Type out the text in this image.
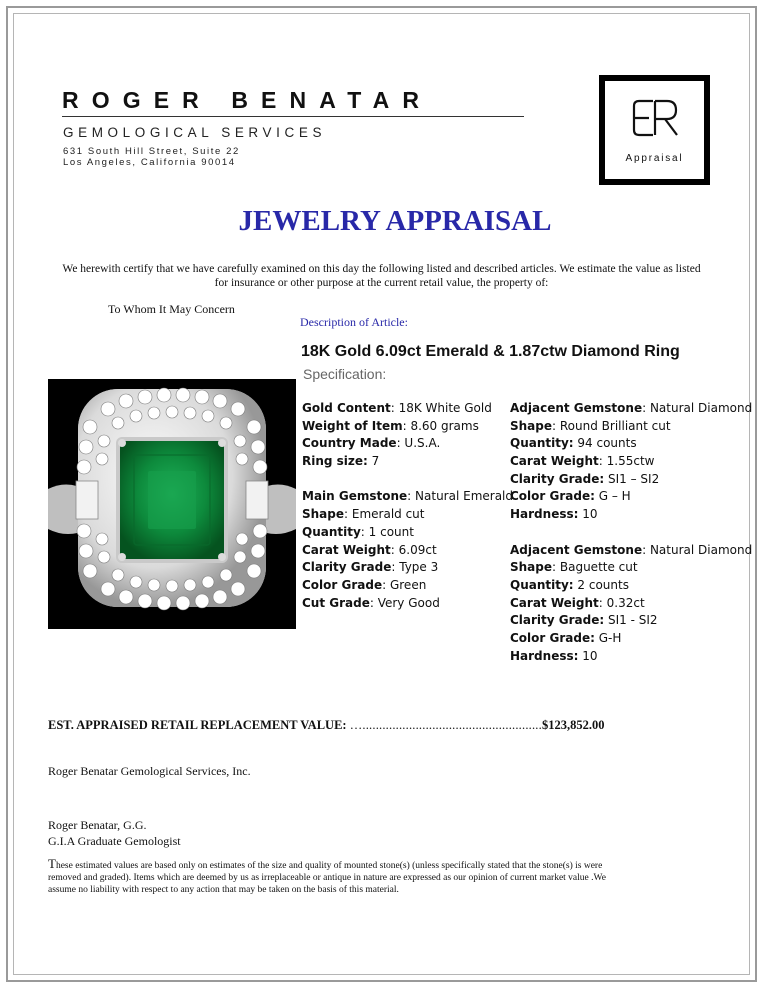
ROGER BENATAR
GEMOLOGICAL SERVICES
631 South Hill Street, Suite 22
Los Angeles, California 90014	Appraisal
JEWELRY APPRAISAL
We herewith certify that we have carefully examined on this day the following listed and described articles. We estimate the value as listed for insurance or other purpose at the current retail value, the property of:
To Whom It May Concern
Description of Article:
18K Gold 6.09ct Emerald & 1.87ctw Diamond Ring
Specification:
Gold Content: 18K White Gold
Weight of Item: 8.60 grams
Country Made: U.S.A.
Ring size: 7
Main Gemstone: Natural Emerald
Shape: Emerald cut
Quantity: 1 count
Carat Weight: 6.09ct
Clarity Grade: Type 3
Color Grade: Green
Cut Grade: Very Good
Adjacent Gemstone: Natural Diamond
Shape: Round Brilliant cut
Quantity: 94 counts
Carat Weight: 1.55ctw
Clarity Grade: SI1 – SI2
Color Grade: G – H
Hardness: 10
Adjacent Gemstone: Natural Diamond
Shape: Baguette cut
Quantity: 2 counts
Carat Weight: 0.32ct
Clarity Grade: SI1 - SI2
Color Grade: G-H
Hardness: 10
EST. APPRAISED RETAIL REPLACEMENT VALUE: …......................................................$123,852.00
Roger Benatar Gemological Services, Inc.
Roger Benatar, G.G.
G.I.A Graduate Gemologist
These estimated values are based only on estimates of the size and quality of mounted stone(s) (unless specifically stated that the stone(s) is were removed and graded). Items which are deemed by us as irreplaceable or antique in nature are expressed as our opinion of current market value .We assume no liability with respect to any action that may be taken on the basis of this material.
